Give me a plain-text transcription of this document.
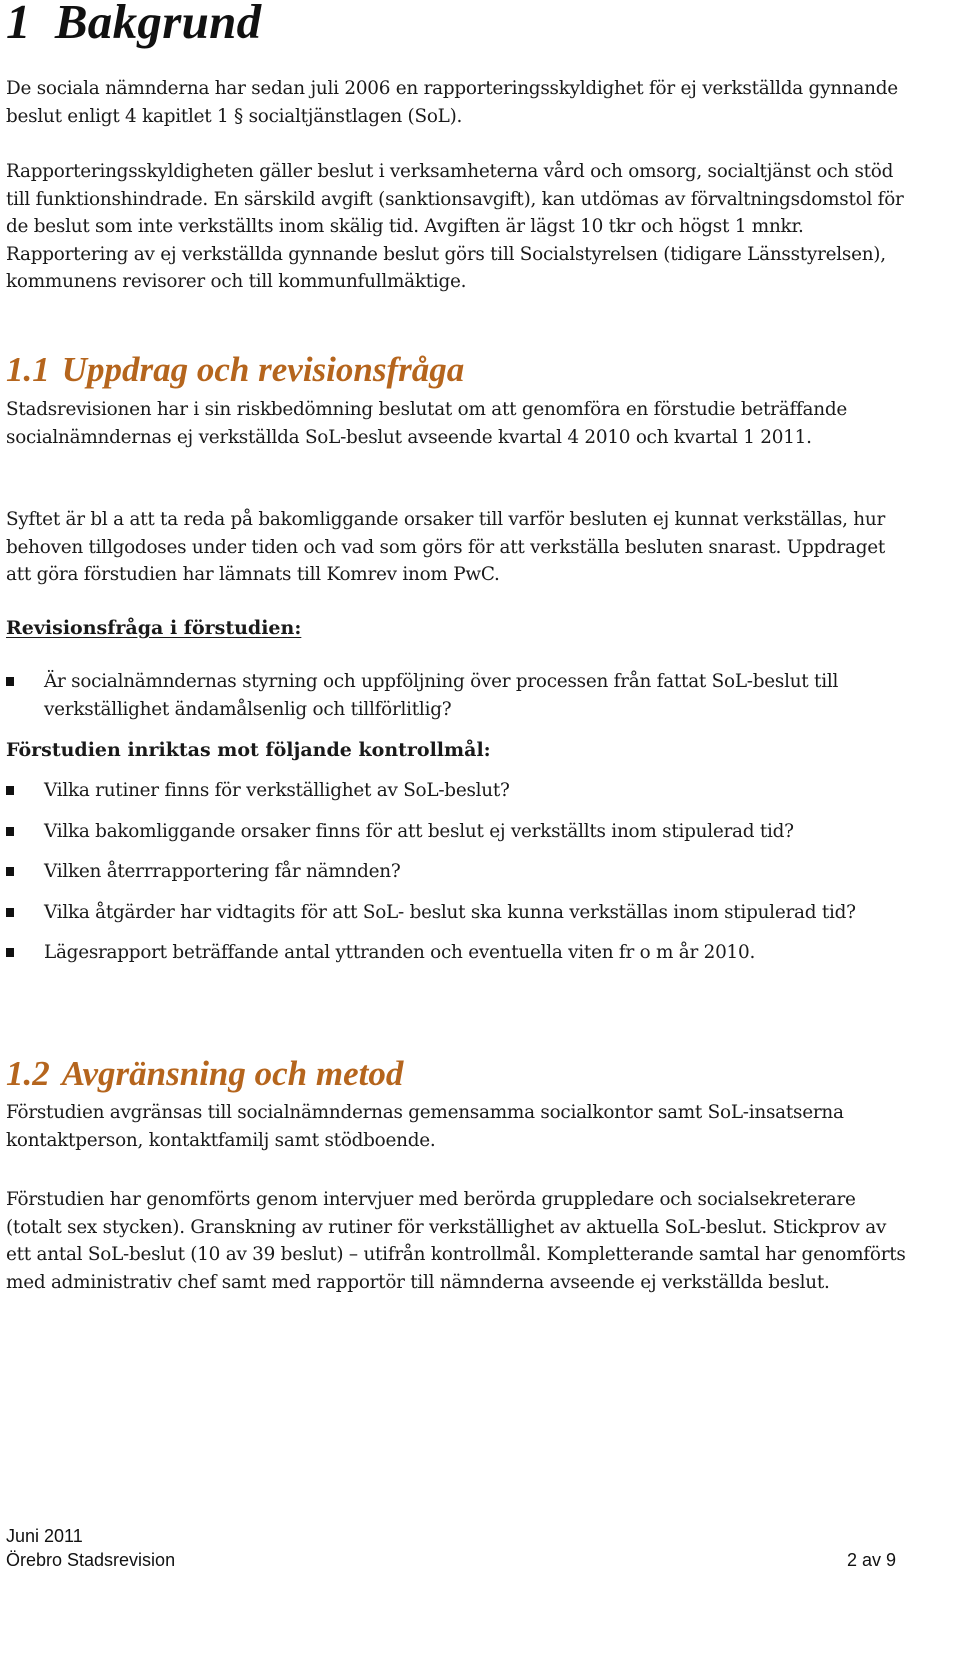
1 Bakgrund

De sociala nämnderna har sedan juli 2006 en rapporteringsskyldighet för ej verkställda gynnande beslut enligt 4 kapitlet 1 § socialtjänstlagen (SoL).

Rapporteringsskyldigheten gäller beslut i verksamheterna vård och omsorg, socialtjänst och stöd till funktionshindrade. En särskild avgift (sanktionsavgift), kan utdömas av förvaltningsdomstol för de beslut som inte verkställts inom skälig tid. Avgiften är lägst 10 tkr och högst 1 mnkr. Rapportering av ej verkställda gynnande beslut görs till Socialstyrelsen (tidigare Länsstyrelsen), kommunens revisorer och till kommunfullmäktige.

1.1 Uppdrag och revisionsfråga

Stadsrevisionen har i sin riskbedömning beslutat om att genomföra en förstudie beträffande socialnämndernas ej verkställda SoL-beslut avseende kvartal 4 2010 och kvartal 1 2011.

Syftet är bl a att ta reda på bakomliggande orsaker till varför besluten ej kunnat verkställas, hur behoven tillgodoses under tiden och vad som görs för att verkställa besluten snarast. Uppdraget att göra förstudien har lämnats till Komrev inom PwC.

Revisionsfråga i förstudien:
Är socialnämndernas styrning och uppföljning över processen från fattat SoL-beslut till verkställighet ändamålsenlig och tillförlitlig?
Förstudien inriktas mot följande kontrollmål:
Vilka rutiner finns för verkställighet av SoL-beslut?
Vilka bakomliggande orsaker finns för att beslut ej verkställts inom stipulerad tid?
Vilken återrrapportering får nämnden?
Vilka åtgärder har vidtagits för att SoL- beslut ska kunna verkställas inom stipulerad tid?
Lägesrapport beträffande antal yttranden och eventuella viten fr o m år 2010.
1.2 Avgränsning och metod

Förstudien avgränsas till socialnämndernas gemensamma socialkontor samt SoL-insatserna kontaktperson, kontaktfamilj samt stödboende.

Förstudien har genomförts genom intervjuer med berörda gruppledare och socialsekreterare (totalt sex stycken). Granskning av rutiner för verkställighet av aktuella SoL-beslut. Stickprov av ett antal SoL-beslut (10 av 39 beslut) – utifrån kontrollmål. Kompletterande samtal har genomförts med administrativ chef samt med rapportör till nämnderna avseende ej verkställda beslut.

Juni 2011
Örebro Stadsrevision	2 av 9
